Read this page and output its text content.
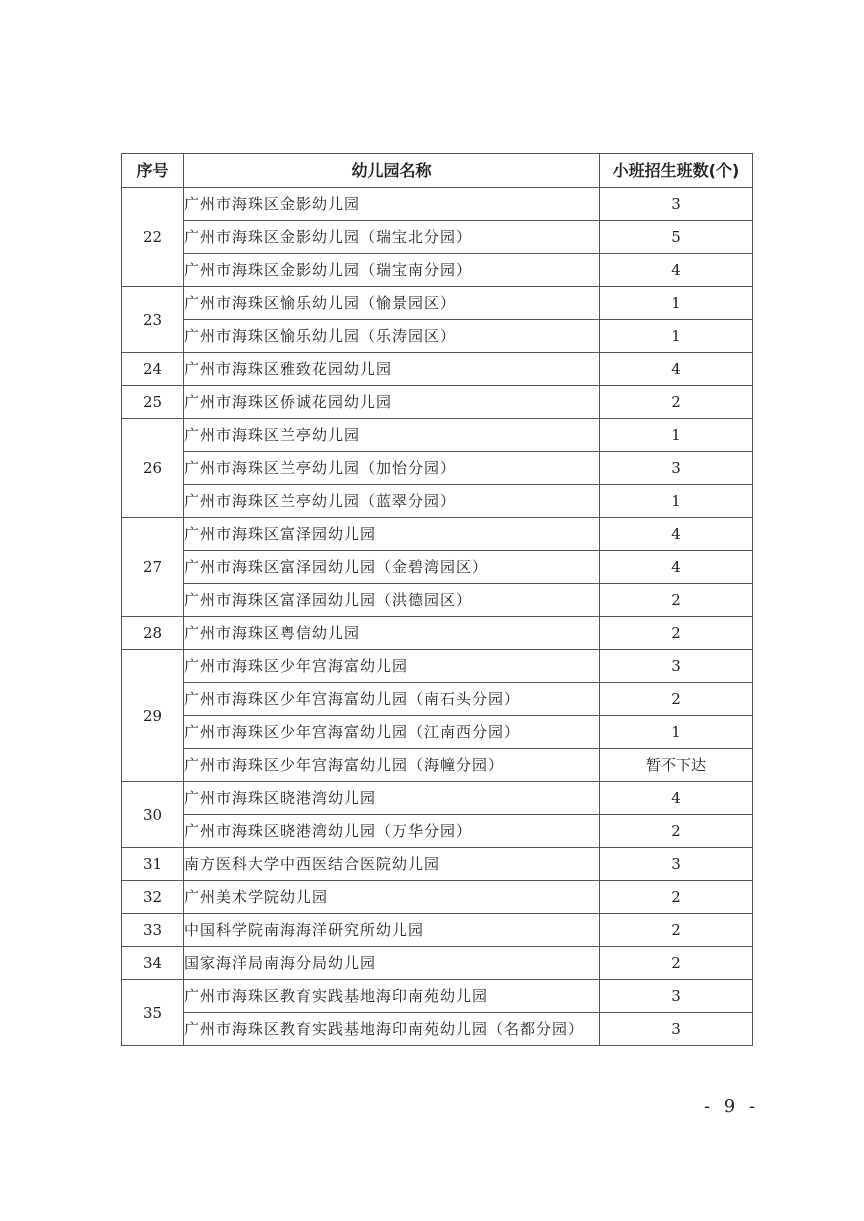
序号	幼儿园名称	小班招生班数(个)
22	广州市海珠区金影幼儿园	3
	广州市海珠区金影幼儿园（瑞宝北分园）	5
	广州市海珠区金影幼儿园（瑞宝南分园）	4
23	广州市海珠区愉乐幼儿园（愉景园区）	1
	广州市海珠区愉乐幼儿园（乐涛园区）	1
24	广州市海珠区雅致花园幼儿园	4
25	广州市海珠区侨诚花园幼儿园	2
26	广州市海珠区兰亭幼儿园	1
	广州市海珠区兰亭幼儿园（加怡分园）	3
	广州市海珠区兰亭幼儿园（蓝翠分园）	1
27	广州市海珠区富泽园幼儿园	4
	广州市海珠区富泽园幼儿园（金碧湾园区）	4
	广州市海珠区富泽园幼儿园（洪德园区）	2
28	广州市海珠区粤信幼儿园	2
29	广州市海珠区少年宫海富幼儿园	3
	广州市海珠区少年宫海富幼儿园（南石头分园）	2
	广州市海珠区少年宫海富幼儿园（江南西分园）	1
	广州市海珠区少年宫海富幼儿园（海幢分园）	暂不下达
30	广州市海珠区晓港湾幼儿园	4
	广州市海珠区晓港湾幼儿园（万华分园）	2
31	南方医科大学中西医结合医院幼儿园	3
32	广州美术学院幼儿园	2
33	中国科学院南海海洋研究所幼儿园	2
34	国家海洋局南海分局幼儿园	2
35	广州市海珠区教育实践基地海印南苑幼儿园	3
	广州市海珠区教育实践基地海印南苑幼儿园（名都分园）	3
- 9 -
